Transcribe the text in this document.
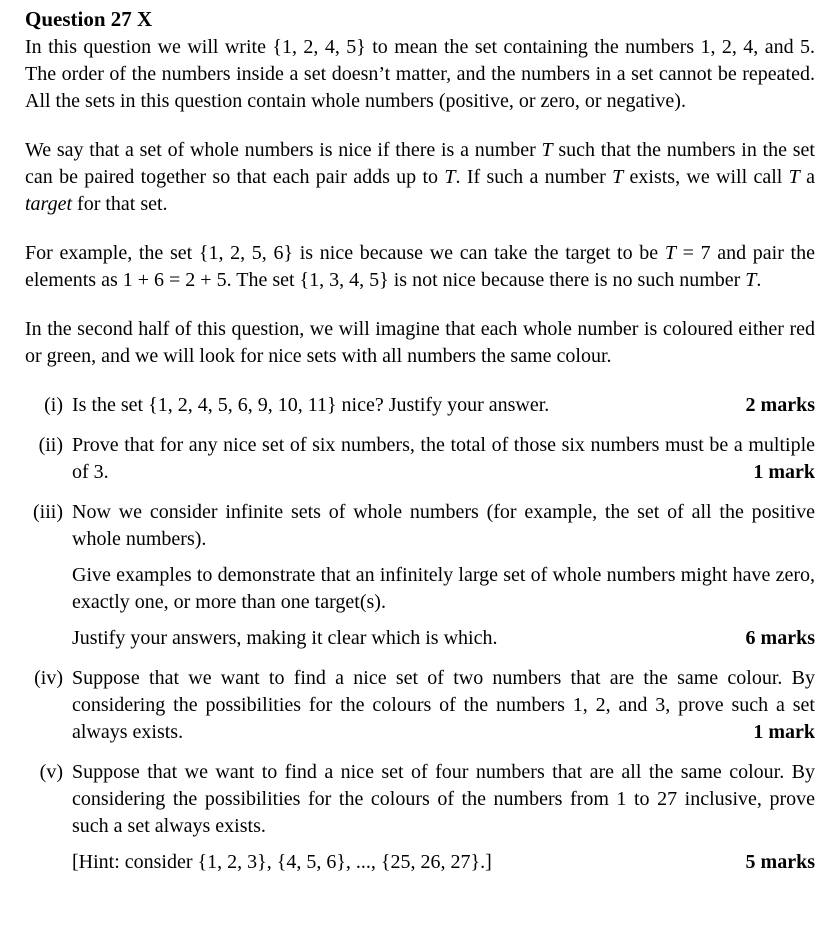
Question 27 X

In this question we will write {1, 2, 4, 5} to mean the set containing the numbers 1, 2, 4, and 5. The order of the numbers inside a set doesn’t matter, and the numbers in a set cannot be repeated. All the sets in this question contain whole numbers (positive, or zero, or negative).

We say that a set of whole numbers is nice if there is a number T such that the numbers in the set can be paired together so that each pair adds up to T. If such a number T exists, we will call T a target for that set.

For example, the set {1, 2, 5, 6} is nice because we can take the target to be T = 7 and pair the elements as 1 + 6 = 2 + 5. The set {1, 3, 4, 5} is not nice because there is no such number T.

In the second half of this question, we will imagine that each whole number is coloured either red or green, and we will look for nice sets with all numbers the same colour.

(i) Is the set {1, 2, 4, 5, 6, 9, 10, 11} nice? Justify your answer.	2 marks

(ii) Prove that for any nice set of six numbers, the total of those six numbers must be a multiple of 3.	1 mark

(iii) Now we consider infinite sets of whole numbers (for example, the set of all the positive whole numbers).

Give examples to demonstrate that an infinitely large set of whole numbers might have zero, exactly one, or more than one target(s).

Justify your answers, making it clear which is which.	6 marks

(iv) Suppose that we want to find a nice set of two numbers that are the same colour. By considering the possibilities for the colours of the numbers 1, 2, and 3, prove such a set always exists.	1 mark

(v) Suppose that we want to find a nice set of four numbers that are all the same colour. By considering the possibilities for the colours of the numbers from 1 to 27 inclusive, prove such a set always exists.

[Hint: consider {1, 2, 3}, {4, 5, 6}, ..., {25, 26, 27}.]	5 marks
